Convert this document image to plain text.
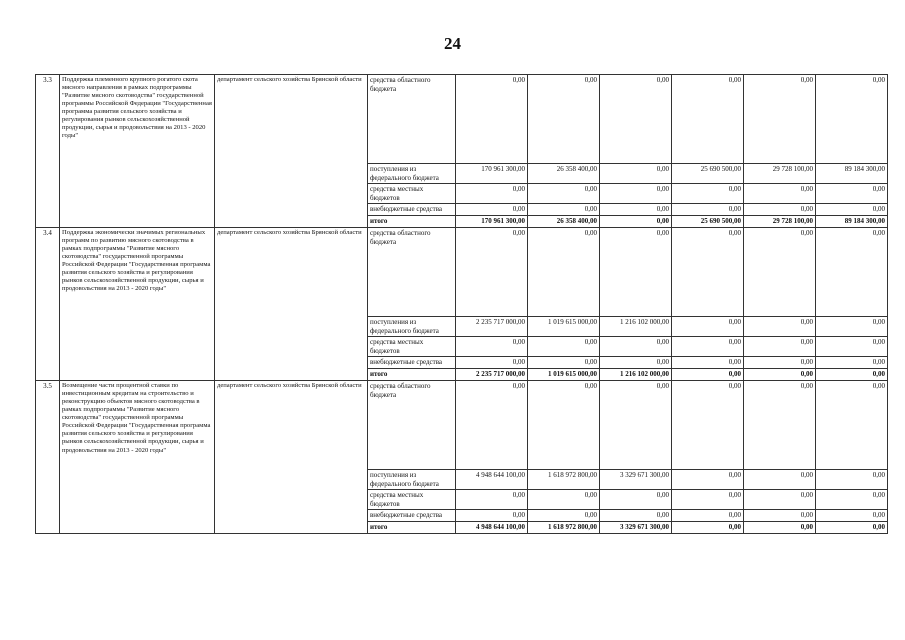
24
3.3	Поддержка племенного крупного рогатого скота мясного направления в рамках подпрограммы "Развитие мясного скотоводства" государственной программы Российской Федерации "Государственная программа развития сельского хозяйства и регулирования рынков сельскохозяйственной продукции, сырья и продовольствия на 2013 - 2020 годы"	департамент сельского хозяйства Брянской области	средства областного бюджета	0,00	0,00	0,00	0,00	0,00	0,00
			поступления из федерального бюджета	170 961 300,00	26 358 400,00	0,00	25 690 500,00	29 728 100,00	89 184 300,00
			средства местных бюджетов	0,00	0,00	0,00	0,00	0,00	0,00
			внебюджетные средства	0,00	0,00	0,00	0,00	0,00	0,00
			итого	170 961 300,00	26 358 400,00	0,00	25 690 500,00	29 728 100,00	89 184 300,00
3.4	Поддержка экономически значимых региональных программ по развитию мясного скотоводства в рамках подпрограммы "Развитие мясного скотоводства" государственной программы Российской Федерации "Государственная программа развития сельского хозяйства и регулирования рынков сельскохозяйственной продукции, сырья и продовольствия на 2013 - 2020 годы"	департамент сельского хозяйства Брянской области	средства областного бюджета	0,00	0,00	0,00	0,00	0,00	0,00
			поступления из федерального бюджета	2 235 717 000,00	1 019 615 000,00	1 216 102 000,00	0,00	0,00	0,00
			средства местных бюджетов	0,00	0,00	0,00	0,00	0,00	0,00
			внебюджетные средства	0,00	0,00	0,00	0,00	0,00	0,00
			итого	2 235 717 000,00	1 019 615 000,00	1 216 102 000,00	0,00	0,00	0,00
3.5	Возмещение части процентной ставки по инвестиционным кредитам на строительство и реконструкцию объектов мясного скотоводства в рамках подпрограммы "Развитие мясного скотоводства" государственной программы Российской Федерации "Государственная программа развития сельского хозяйства и регулирования рынков сельскохозяйственной продукции, сырья и продовольствия на 2013 - 2020 годы"	департамент сельского хозяйства Брянской области	средства областного бюджета	0,00	0,00	0,00	0,00	0,00	0,00
			поступления из федерального бюджета	4 948 644 100,00	1 618 972 800,00	3 329 671 300,00	0,00	0,00	0,00
			средства местных бюджетов	0,00	0,00	0,00	0,00	0,00	0,00
			внебюджетные средства	0,00	0,00	0,00	0,00	0,00	0,00
			итого	4 948 644 100,00	1 618 972 800,00	3 329 671 300,00	0,00	0,00	0,00
